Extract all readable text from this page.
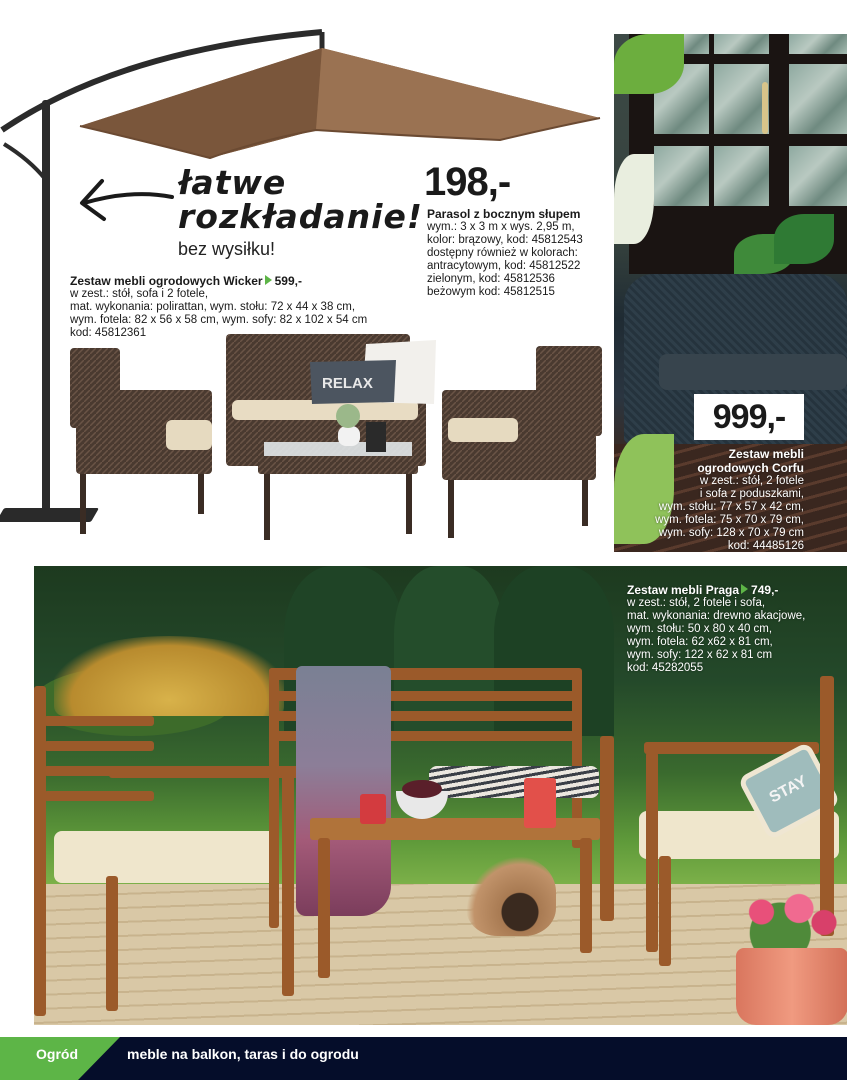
łatwe
rozkładanie!
bez wysiłku!
198,-
Parasol z bocznym słupem
wym.: 3 x 3 m x wys. 2,95 m,
kolor: brązowy, kod: 45812543
dostępny również w kolorach:
antracytowym, kod: 45812522
zielonym, kod: 45812536
beżowym kod: 45812515
Zestaw mebli ogrodowych Wicker 599,-
w zest.: stół, sofa i 2 fotele,
mat. wykonania: polirattan, wym. stołu: 72 x 44 x 38 cm,
wym. fotela: 82 x 56 x 58 cm, wym. sofy: 82 x 102 x 54 cm
kod: 45812361
RELAX
999,-
Zestaw mebli
ogrodowych Corfu
w zest.: stół, 2 fotele
i sofa z poduszkami,
wym. stołu: 77 x 57 x 42 cm,
wym. fotela: 75 x 70 x 79 cm,
wym. sofy: 128 x 70 x 79 cm
kod: 44485126
STAY
Zestaw mebli Praga 749,-
w zest.: stół, 2 fotele i sofa,
mat. wykonania: drewno akacjowe,
wym. stołu: 50 x 80 x 40 cm,
wym. fotela: 62 x62 x 81 cm,
wym. sofy: 122 x 62 x 81 cm
kod: 45282055
Ogród	meble na balkon, taras i do ogrodu
